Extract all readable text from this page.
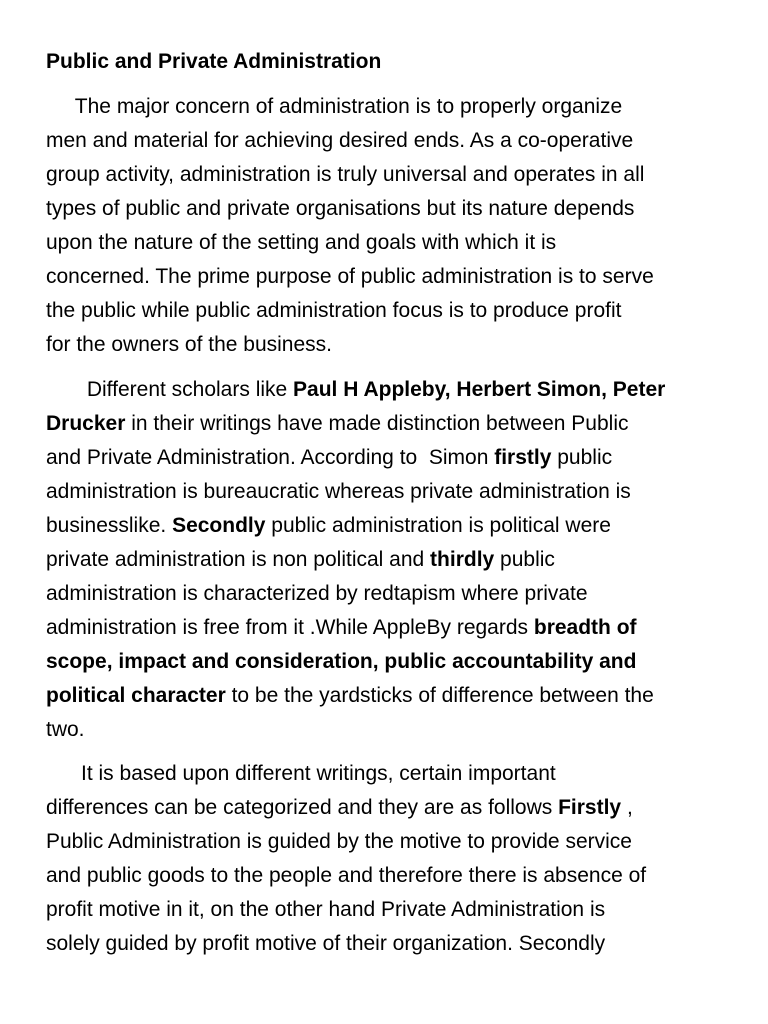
Public and Private Administration

The major concern of administration is to properly organize
men and material for achieving desired ends. As a co-operative
group activity, administration is truly universal and operates in all
types of public and private organisations but its nature depends
upon the nature of the setting and goals with which it is
concerned. The prime purpose of public administration is to serve
the public while public administration focus is to produce profit
for the owners of the business.

Different scholars like Paul H Appleby, Herbert Simon, Peter
Drucker in their writings have made distinction between Public
and Private Administration. According to  Simon firstly public
administration is bureaucratic whereas private administration is
businesslike. Secondly public administration is political were
private administration is non political and thirdly public
administration is characterized by redtapism where private
administration is free from it .While AppleBy regards breadth of
scope, impact and consideration, public accountability and
political character to be the yardsticks of difference between the
two.

It is based upon different writings, certain important
differences can be categorized and they are as follows Firstly ,
Public Administration is guided by the motive to provide service
and public goods to the people and therefore there is absence of
profit motive in it, on the other hand Private Administration is
solely guided by profit motive of their organization. Secondly
